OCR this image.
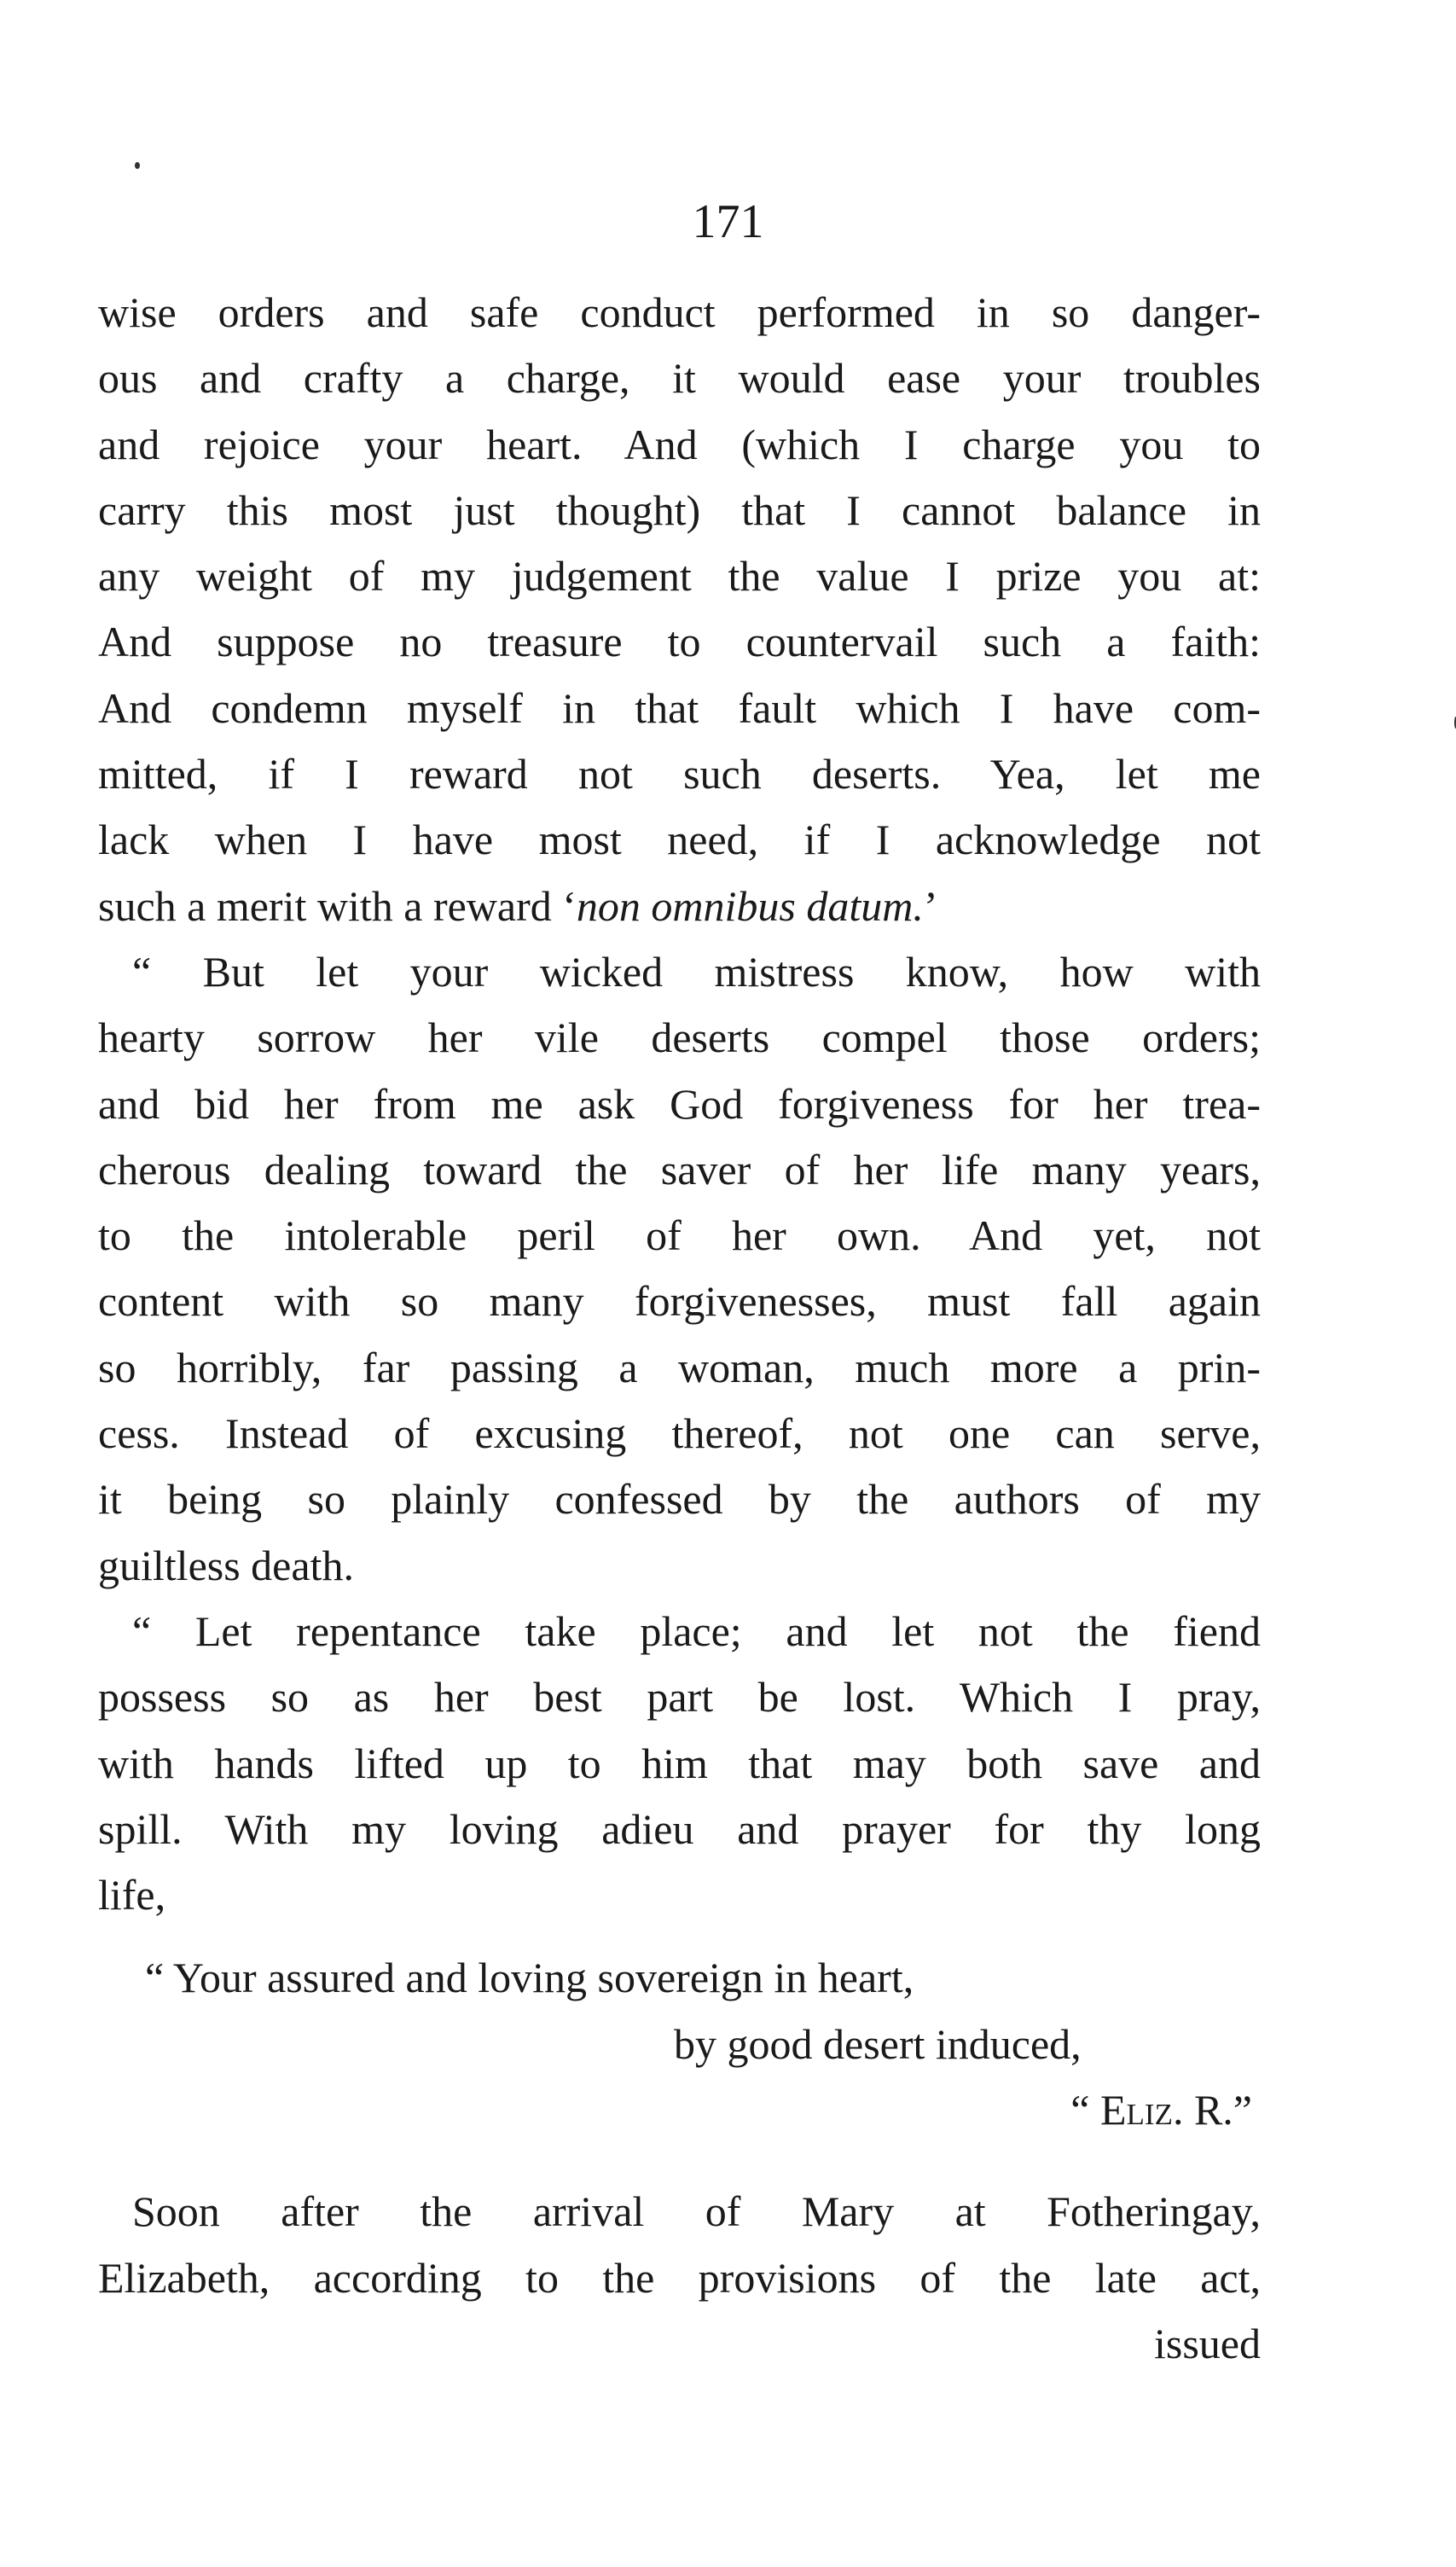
171
wise orders and safe conduct performed in so danger-
ous and crafty a charge, it would ease your troubles
and rejoice your heart. And (which I charge you to
carry this most just thought) that I cannot balance in
any weight of my judgement the value I prize you at:
And suppose no treasure to countervail such a faith:
And condemn myself in that fault which I have com-
mitted, if I reward not such deserts. Yea, let me
lack when I have most need, if I acknowledge not
such a merit with a reward ‘non omnibus datum.’
“ But let your wicked mistress know, how with
hearty sorrow her vile deserts compel those orders;
and bid her from me ask God forgiveness for her trea-
cherous dealing toward the saver of her life many years,
to the intolerable peril of her own. And yet, not
content with so many forgivenesses, must fall again
so horribly, far passing a woman, much more a prin-
cess. Instead of excusing thereof, not one can serve,
it being so plainly confessed by the authors of my
guiltless death.
“ Let repentance take place; and let not the fiend
possess so as her best part be lost. Which I pray,
with hands lifted up to him that may both save and
spill. With my loving adieu and prayer for thy long
life,
“ Your assured and loving sovereign in heart,
by good desert induced,
“ Eliz. R.”
Soon after the arrival of Mary at Fotheringay,
Elizabeth, according to the provisions of the late act,
issued
